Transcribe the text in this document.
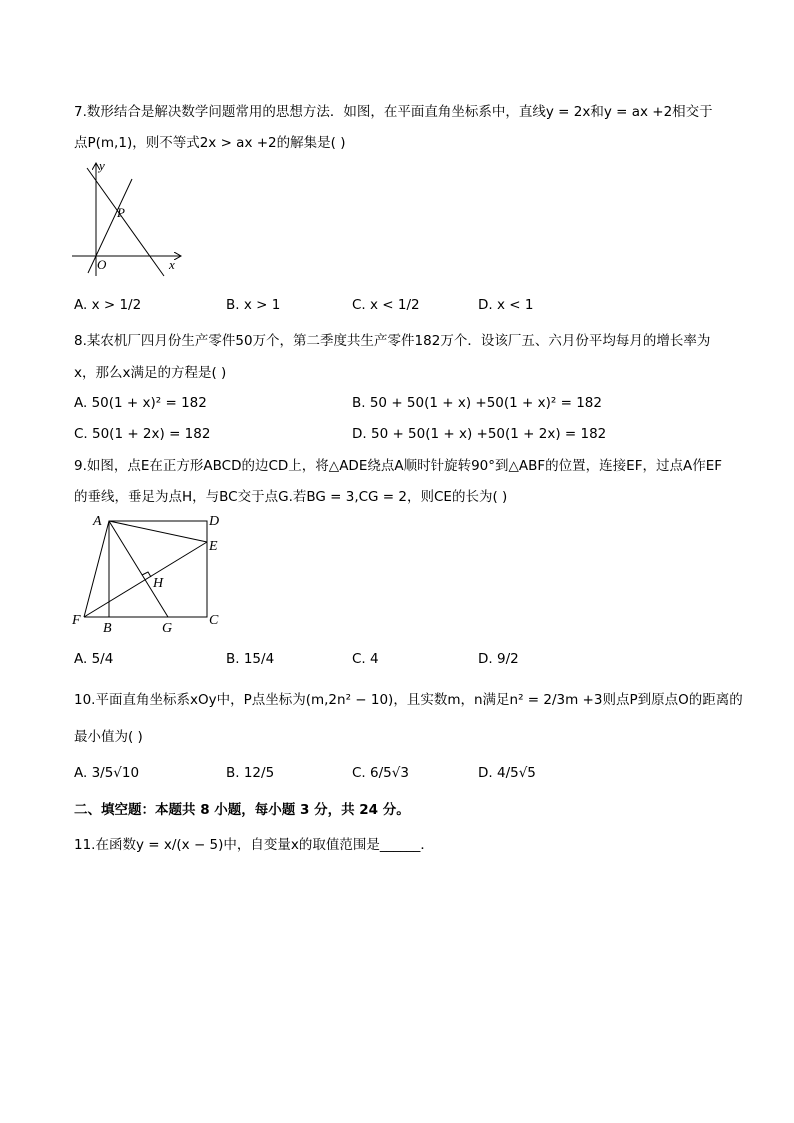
7.数形结合是解决数学问题常用的思想方法．如图，在平面直角坐标系中，直线y = 2x和y = ax +2相交于
点P(m,1)，则不等式2x > ax +2的解集是( )
y
P
O	x
A. x > 1/2	B. x > 1	C. x < 1/2	D. x < 1
8.某农机厂四月份生产零件50万个，第二季度共生产零件182万个．设该厂五、六月份平均每月的增长率为
x，那么x满足的方程是( )
A. 50(1 + x)² = 182	B. 50 + 50(1 + x) +50(1 + x)² = 182
C. 50(1 + 2x) = 182	D. 50 + 50(1 + x) +50(1 + 2x) = 182
9.如图，点E在正方形ABCD的边CD上，将△ADE绕点A顺时针旋转90°到△ABF的位置，连接EF，过点A作EF
的垂线，垂足为点H，与BC交于点G.若BG = 3,CG = 2，则CE的长为( )
A	D
E
H
F
B	G
C
A. 5/4	B. 15/4	C. 4	D. 9/2
10.平面直角坐标系xOy中，P点坐标为(m,2n² − 10)，且实数m，n满足n² = 2/3m +3则点P到原点O的距离的
最小值为( )
A. 3/5√10	B. 12/5	C. 6/5√3	D. 4/5√5
二、填空题：本题共 8 小题，每小题 3 分，共 24 分。
11.在函数y = x/(x − 5)中，自变量x的取值范围是______．
